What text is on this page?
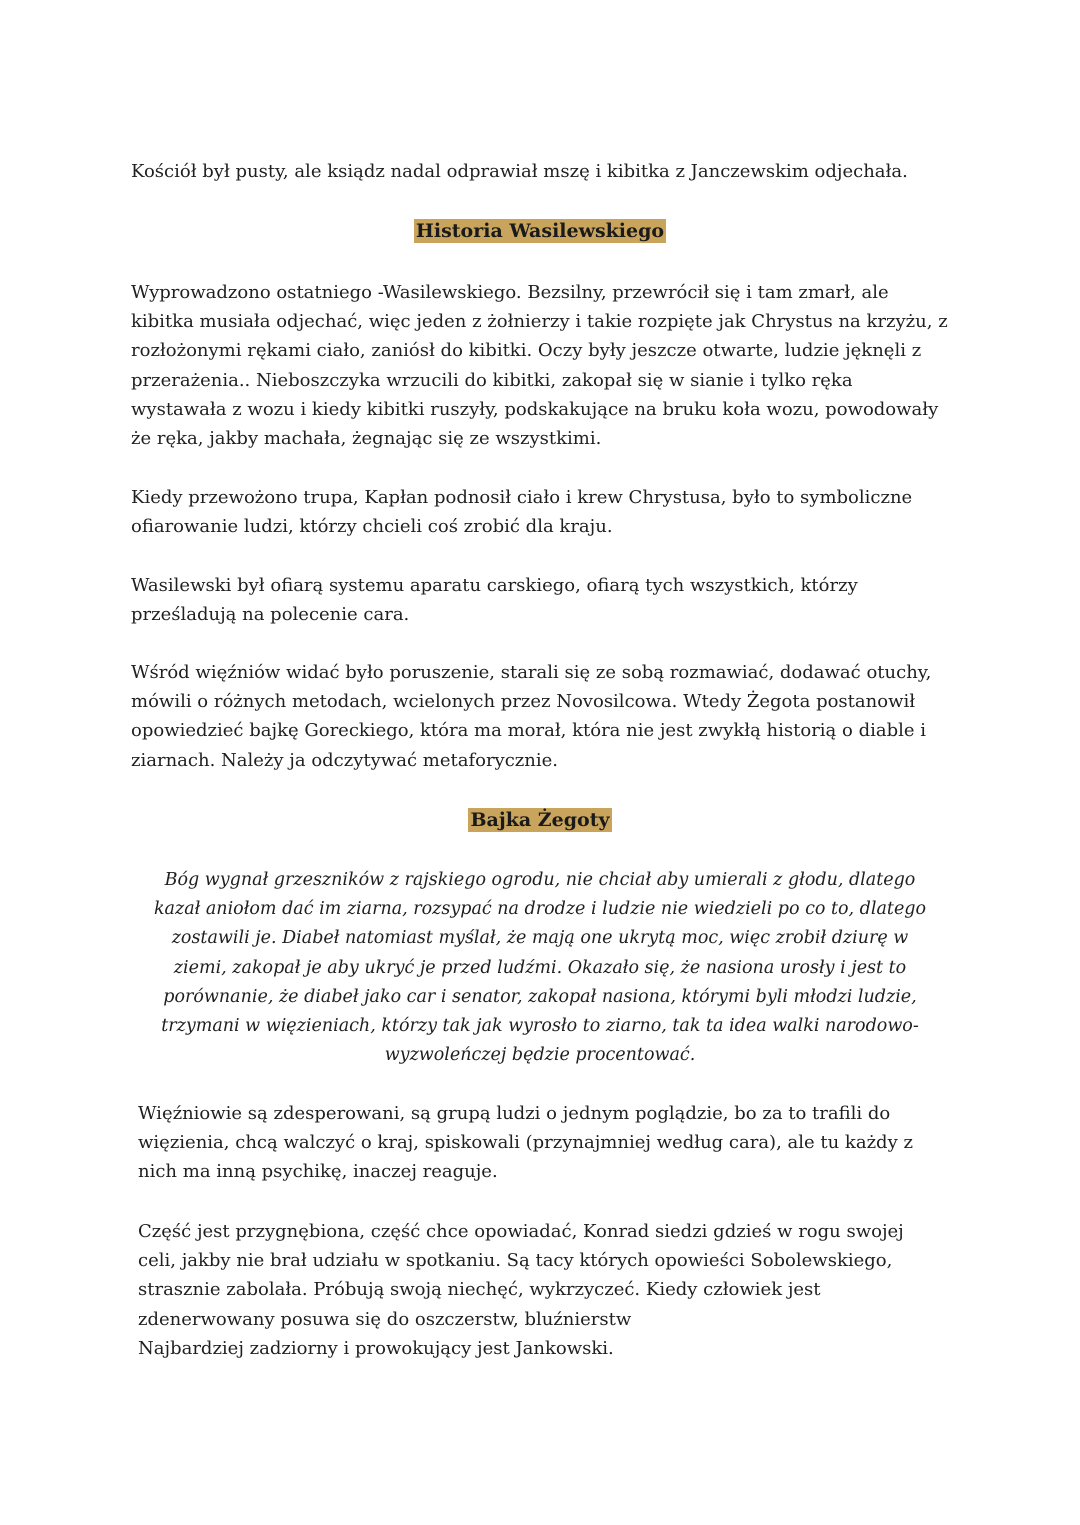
Kościół był pusty, ale ksiądz nadal odprawiał mszę i kibitka z Janczewskim odjechała.

Historia Wasilewskiego

Wyprowadzono ostatniego -Wasilewskiego. Bezsilny, przewrócił się i tam zmarł, ale kibitka musiała odjechać, więc jeden z żołnierzy i takie rozpięte jak Chrystus na krzyżu, z rozłożonymi rękami ciało, zaniósł do kibitki. Oczy były jeszcze otwarte, ludzie jęknęli z przerażenia.. Nieboszczyka wrzucili do kibitki, zakopał się w sianie i tylko ręka wystawała z wozu i kiedy kibitki ruszyły, podskakujące na bruku koła wozu, powodowały że ręka, jakby machała, żegnając się ze wszystkimi.

Kiedy przewożono trupa, Kapłan podnosił ciało i krew Chrystusa, było to symboliczne ofiarowanie ludzi, którzy chcieli coś zrobić dla kraju.

Wasilewski był ofiarą systemu aparatu carskiego, ofiarą tych wszystkich, którzy prześladują na polecenie cara.

Wśród więźniów widać było poruszenie, starali się ze sobą rozmawiać, dodawać otuchy, mówili o różnych metodach, wcielonych przez Novosilcowa. Wtedy Żegota postanowił opowiedzieć bajkę Goreckiego, która ma morał, która nie jest zwykłą historią o diable i ziarnach. Należy ja odczytywać metaforycznie.

Bajka Żegoty

Bóg wygnał grzeszników z rajskiego ogrodu, nie chciał aby umierali z głodu, dlatego kazał aniołom dać im ziarna, rozsypać na drodze i ludzie nie wiedzieli po co to, dlatego zostawili je. Diabeł natomiast myślał, że mają one ukrytą moc, więc zrobił dziurę w ziemi, zakopał je aby ukryć je przed ludźmi. Okazało się, że nasiona urosły i jest to porównanie, że diabeł jako car i senator, zakopał nasiona, którymi byli młodzi ludzie, trzymani w więzieniach, którzy tak jak wyrosło to ziarno, tak ta idea walki narodowo-wyzwoleńczej będzie procentować.

Więźniowie są zdesperowani, są grupą ludzi o jednym poglądzie, bo za to trafili do więzienia, chcą walczyć o kraj, spiskowali (przynajmniej według cara), ale tu każdy z nich ma inną psychikę, inaczej reaguje.

Część jest przygnębiona, część chce opowiadać, Konrad siedzi gdzieś w rogu swojej celi, jakby nie brał udziału w spotkaniu. Są tacy których opowieści Sobolewskiego, strasznie zabolała. Próbują swoją niechęć, wykrzyczeć. Kiedy człowiek jest zdenerwowany posuwa się do oszczerstw, bluźnierstw
Najbardziej zadziorny i prowokujący jest Jankowski.
